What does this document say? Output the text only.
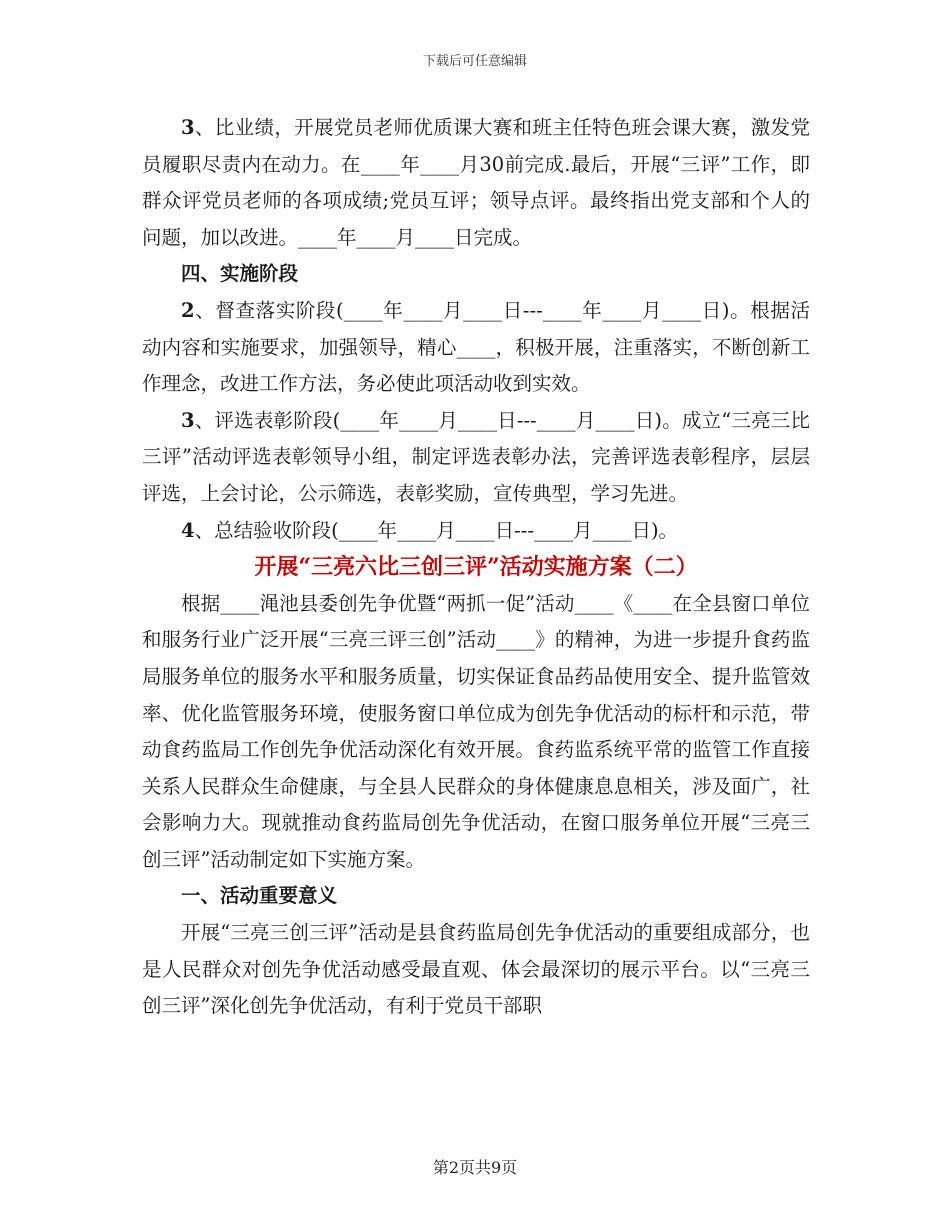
下载后可任意编辑

3、比业绩，开展党员老师优质课大赛和班主任特色班会课大赛，激发党员履职尽责内在动力。在____年____月30前完成.最后，开展“三评”工作，即群众评党员老师的各项成绩;党员互评；领导点评。最终指出党支部和个人的问题，加以改进。____年____月____日完成。

四、实施阶段

2、督查落实阶段(____年____月____日---____年____月____日)。根据活动内容和实施要求，加强领导，精心____，积极开展，注重落实，不断创新工作理念，改进工作方法，务必使此项活动收到实效。

3、评选表彰阶段(____年____月____日---____月____日)。成立“三亮三比三评”活动评选表彰领导小组，制定评选表彰办法，完善评选表彰程序，层层评选，上会讨论，公示筛选，表彰奖励，宣传典型，学习先进。

4、总结验收阶段(____年____月____日---____月____日)。

开展“三亮六比三创三评”活动实施方案（二）

根据____渑池县委创先争优暨“两抓一促”活动____《____在全县窗口单位和服务行业广泛开展“三亮三评三创”活动____》的精神，为进一步提升食药监局服务单位的服务水平和服务质量，切实保证食品药品使用安全、提升监管效率、优化监管服务环境，使服务窗口单位成为创先争优活动的标杆和示范，带动食药监局工作创先争优活动深化有效开展。食药监系统平常的监管工作直接关系人民群众生命健康，与全县人民群众的身体健康息息相关，涉及面广，社会影响力大。现就推动食药监局创先争优活动，在窗口服务单位开展“三亮三创三评”活动制定如下实施方案。

一、活动重要意义

开展“三亮三创三评”活动是县食药监局创先争优活动的重要组成部分，也是人民群众对创先争优活动感受最直观、体会最深切的展示平台。以“三亮三创三评”深化创先争优活动，有利于党员干部职

第2页共9页
